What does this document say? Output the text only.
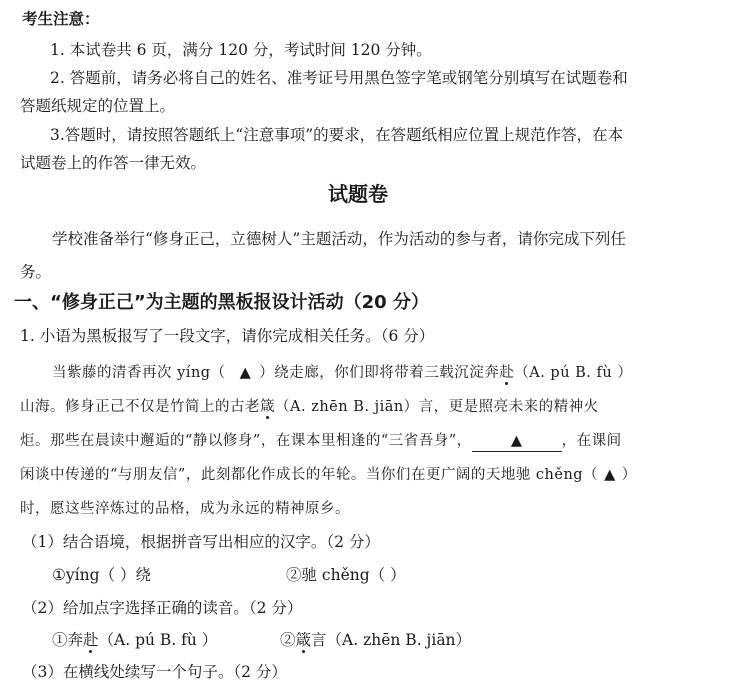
考生注意：
1. 本试卷共 6 页，满分 120 分，考试时间 120 分钟。
2. 答题前，请务必将自己的姓名、准考证号用黑色签字笔或钢笔分别填写在试题卷和
答题纸规定的位置上。
3.答题时，请按照答题纸上“注意事项”的要求，在答题纸相应位置上规范作答，在本
试题卷上的作答一律无效。
试题卷
学校准备举行“修身正己，立德树人”主题活动，作为活动的参与者，请你完成下列任
务。
一、“修身正己”为主题的黑板报设计活动（20 分）
1. 小语为黑板报写了一段文字，请你完成相关任务。（6 分）
当紫藤的清香再次 yíng（ ▲ ）绕走廊，你们即将带着三载沉淀奔赴（A. pú B. fù ）
山海。修身正己不仅是竹简上的古老箴（A. zhēn B. jiān）言，更是照亮未来的精神火
炬。那些在晨读中邂逅的“静以修身”，在课本里相逢的“三省吾身”，	▲	，在课间
闲谈中传递的“与朋友信”，此刻都化作成长的年轮。当你们在更广阔的天地驰 chěng（ ▲ ）
时，愿这些淬炼过的品格，成为永远的精神原乡。
（1）结合语境，根据拼音写出相应的汉字。（2 分）
①yíng（ ）绕	②驰 chěng（ ）
（2）给加点字选择正确的读音。（2 分）
①奔赴（A. pú B. fù ）	②箴言（A. zhēn B. jiān）
（3）在横线处续写一个句子。（2 分）
